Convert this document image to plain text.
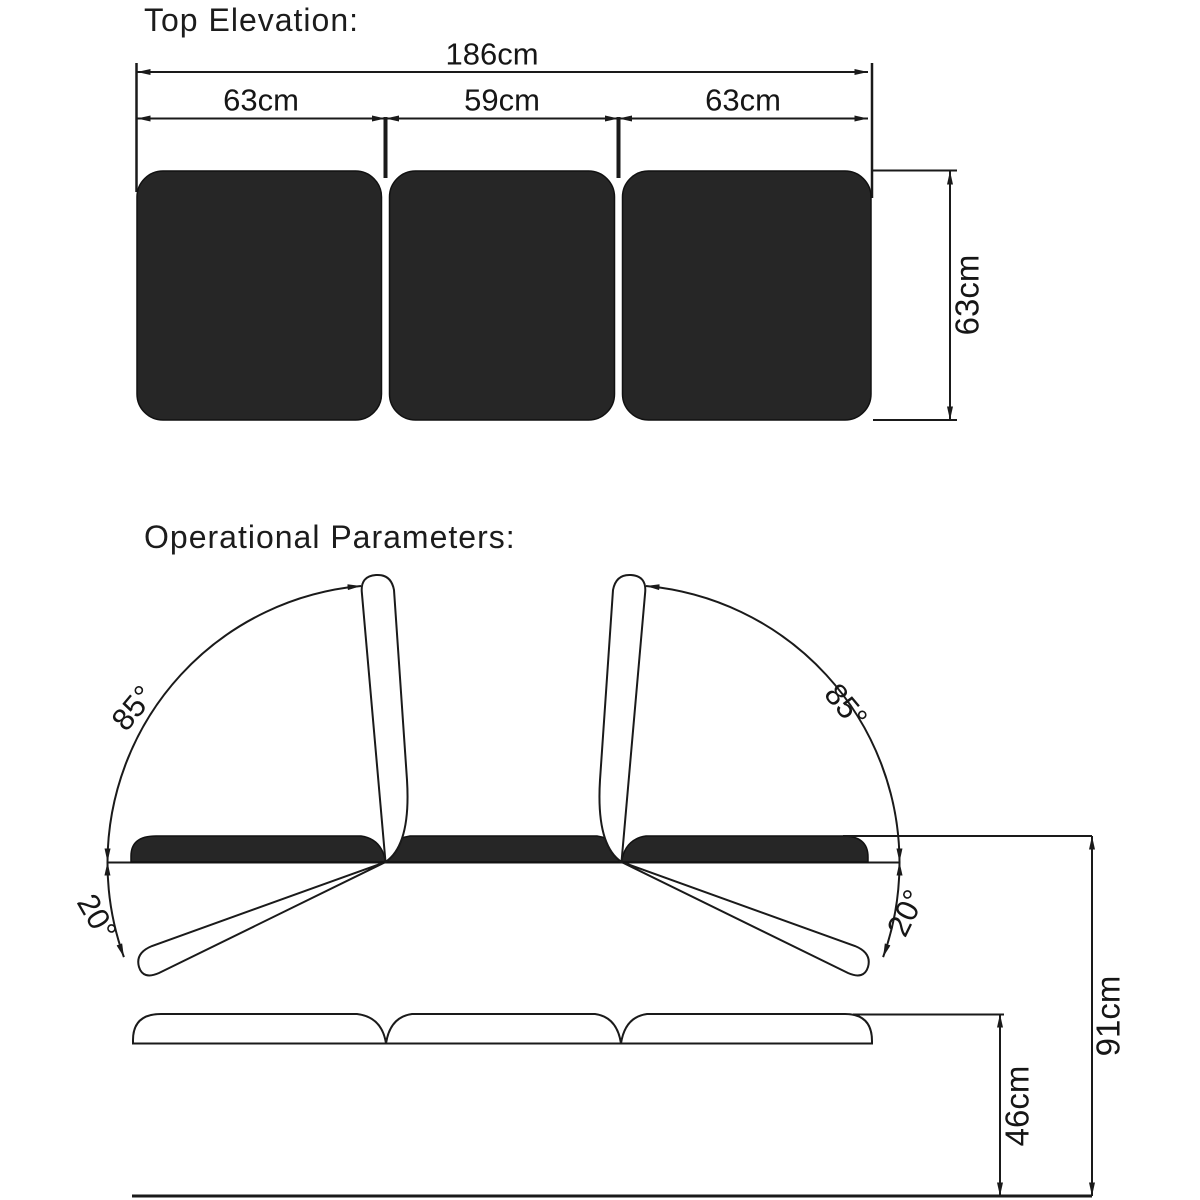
Top Elevation:
186cm
63cm	59cm	63cm
63cm
Operational Parameters:
85°	85°
20°	20°
91cm
46cm
